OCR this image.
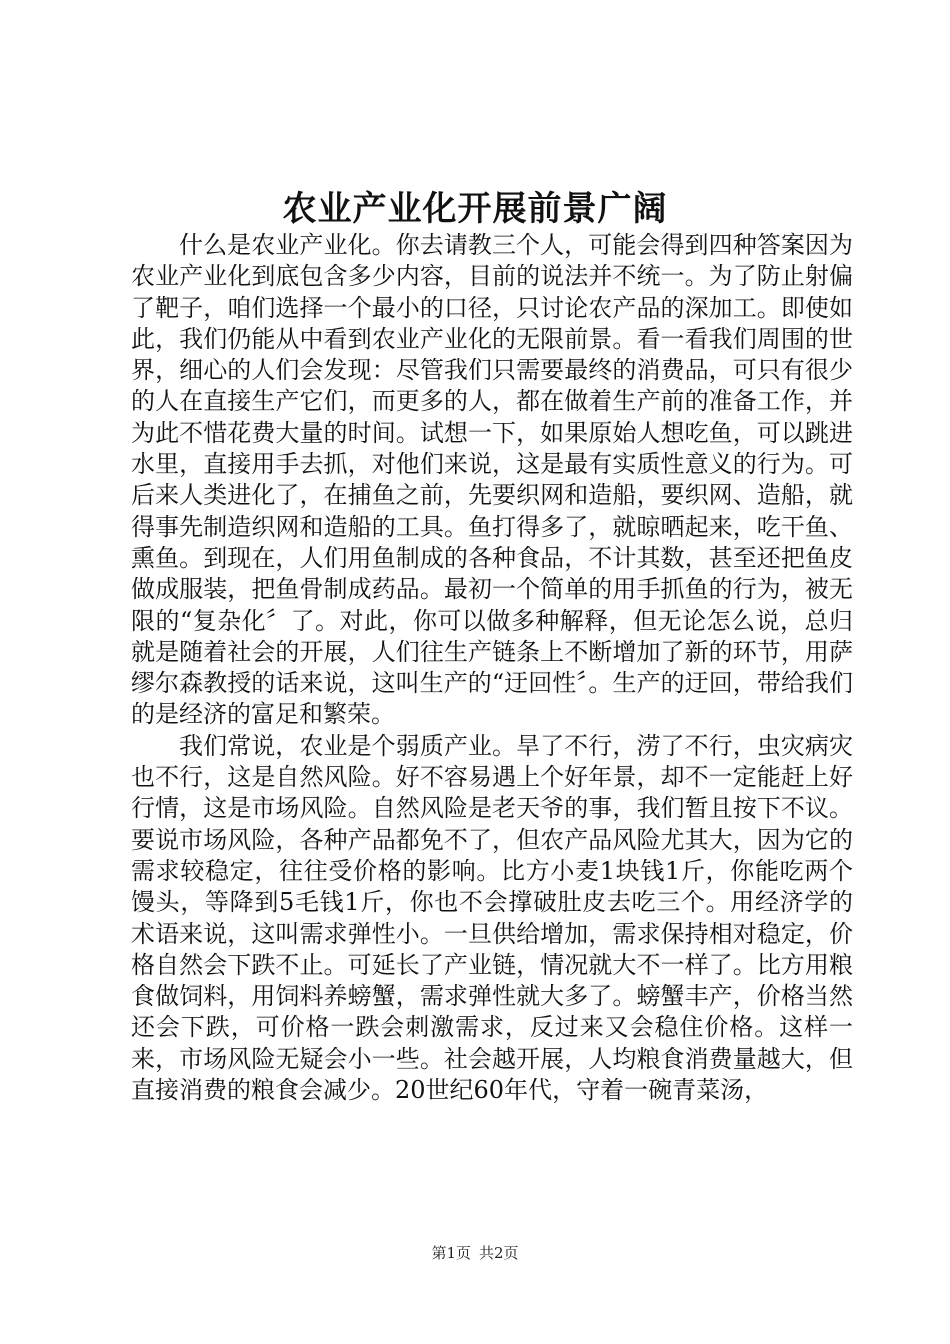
农业产业化开展前景广阔

什么是农业产业化。你去请教三个人，可能会得到四种答案因为农业产业化到底包含多少内容，目前的说法并不统一。为了防止射偏了靶子，咱们选择一个最小的口径，只讨论农产品的深加工。即使如此，我们仍能从中看到农业产业化的无限前景。看一看我们周围的世界，细心的人们会发现：尽管我们只需要最终的消费品，可只有很少的人在直接生产它们，而更多的人，都在做着生产前的准备工作，并为此不惜花费大量的时间。试想一下，如果原始人想吃鱼，可以跳进水里，直接用手去抓，对他们来说，这是最有实质性意义的行为。可后来人类进化了，在捕鱼之前，先要织网和造船，要织网、造船，就得事先制造织网和造船的工具。鱼打得多了，就晾晒起来，吃干鱼、熏鱼。到现在，人们用鱼制成的各种食品，不计其数，甚至还把鱼皮做成服装，把鱼骨制成药品。最初一个简单的用手抓鱼的行为，被无限的“复杂化〞了。对此，你可以做多种解释，但无论怎么说，总归就是随着社会的开展，人们往生产链条上不断增加了新的环节，用萨缪尔森教授的话来说，这叫生产的“迂回性〞。生产的迂回，带给我们的是经济的富足和繁荣。

我们常说，农业是个弱质产业。旱了不行，涝了不行，虫灾病灾也不行，这是自然风险。好不容易遇上个好年景，却不一定能赶上好行情，这是市场风险。自然风险是老天爷的事，我们暂且按下不议。要说市场风险，各种产品都免不了，但农产品风险尤其大，因为它的需求较稳定，往往受价格的影响。比方小麦1块钱1斤，你能吃两个馒头，等降到5毛钱1斤，你也不会撑破肚皮去吃三个。用经济学的术语来说，这叫需求弹性小。一旦供给增加，需求保持相对稳定，价格自然会下跌不止。可延长了产业链，情况就大不一样了。比方用粮食做饲料，用饲料养螃蟹，需求弹性就大多了。螃蟹丰产，价格当然还会下跌，可价格一跌会刺激需求，反过来又会稳住价格。这样一来，市场风险无疑会小一些。社会越开展，人均粮食消费量越大，但直接消费的粮食会减少。20世纪60年代，守着一碗青菜汤，

第1页 共2页
